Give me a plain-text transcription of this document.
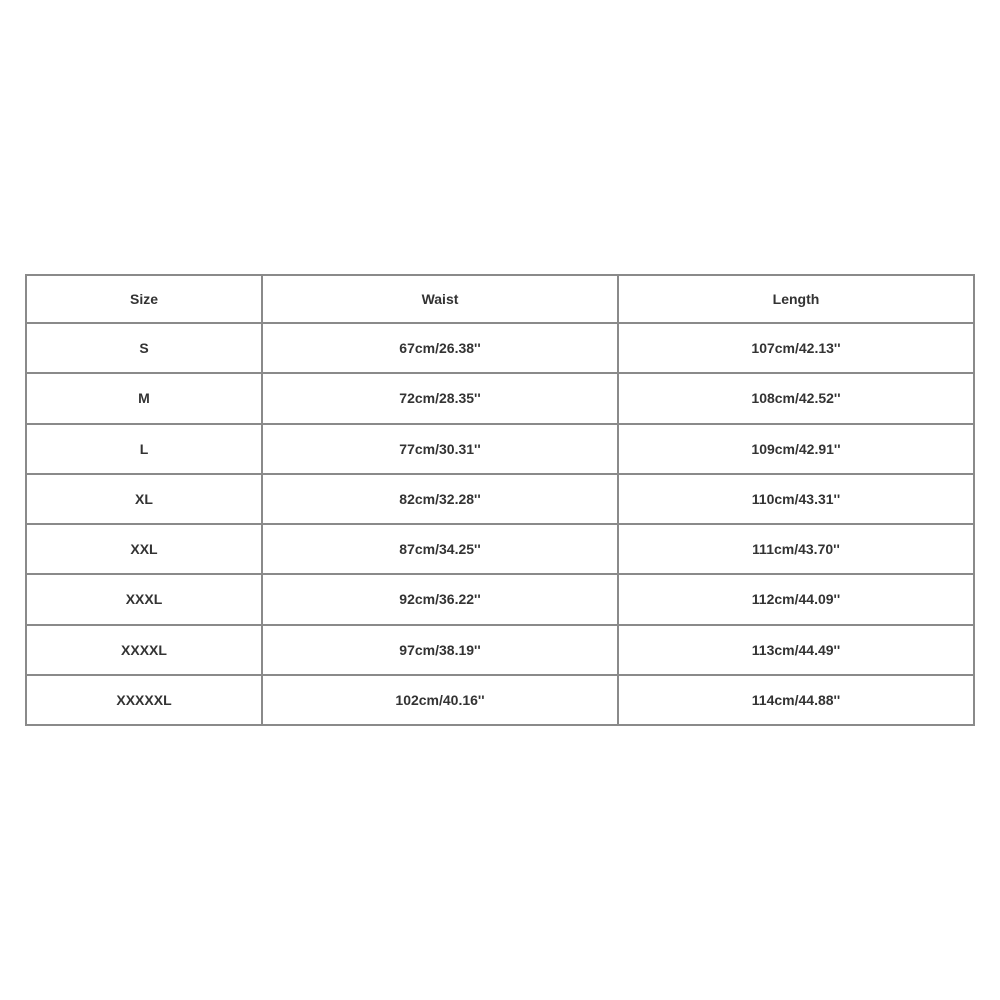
Size	Waist	Length
S	67cm/26.38''	107cm/42.13''
M	72cm/28.35''	108cm/42.52''
L	77cm/30.31''	109cm/42.91''
XL	82cm/32.28''	110cm/43.31''
XXL	87cm/34.25''	111cm/43.70''
XXXL	92cm/36.22''	112cm/44.09''
XXXXL	97cm/38.19''	113cm/44.49''
XXXXXL	102cm/40.16''	114cm/44.88''
